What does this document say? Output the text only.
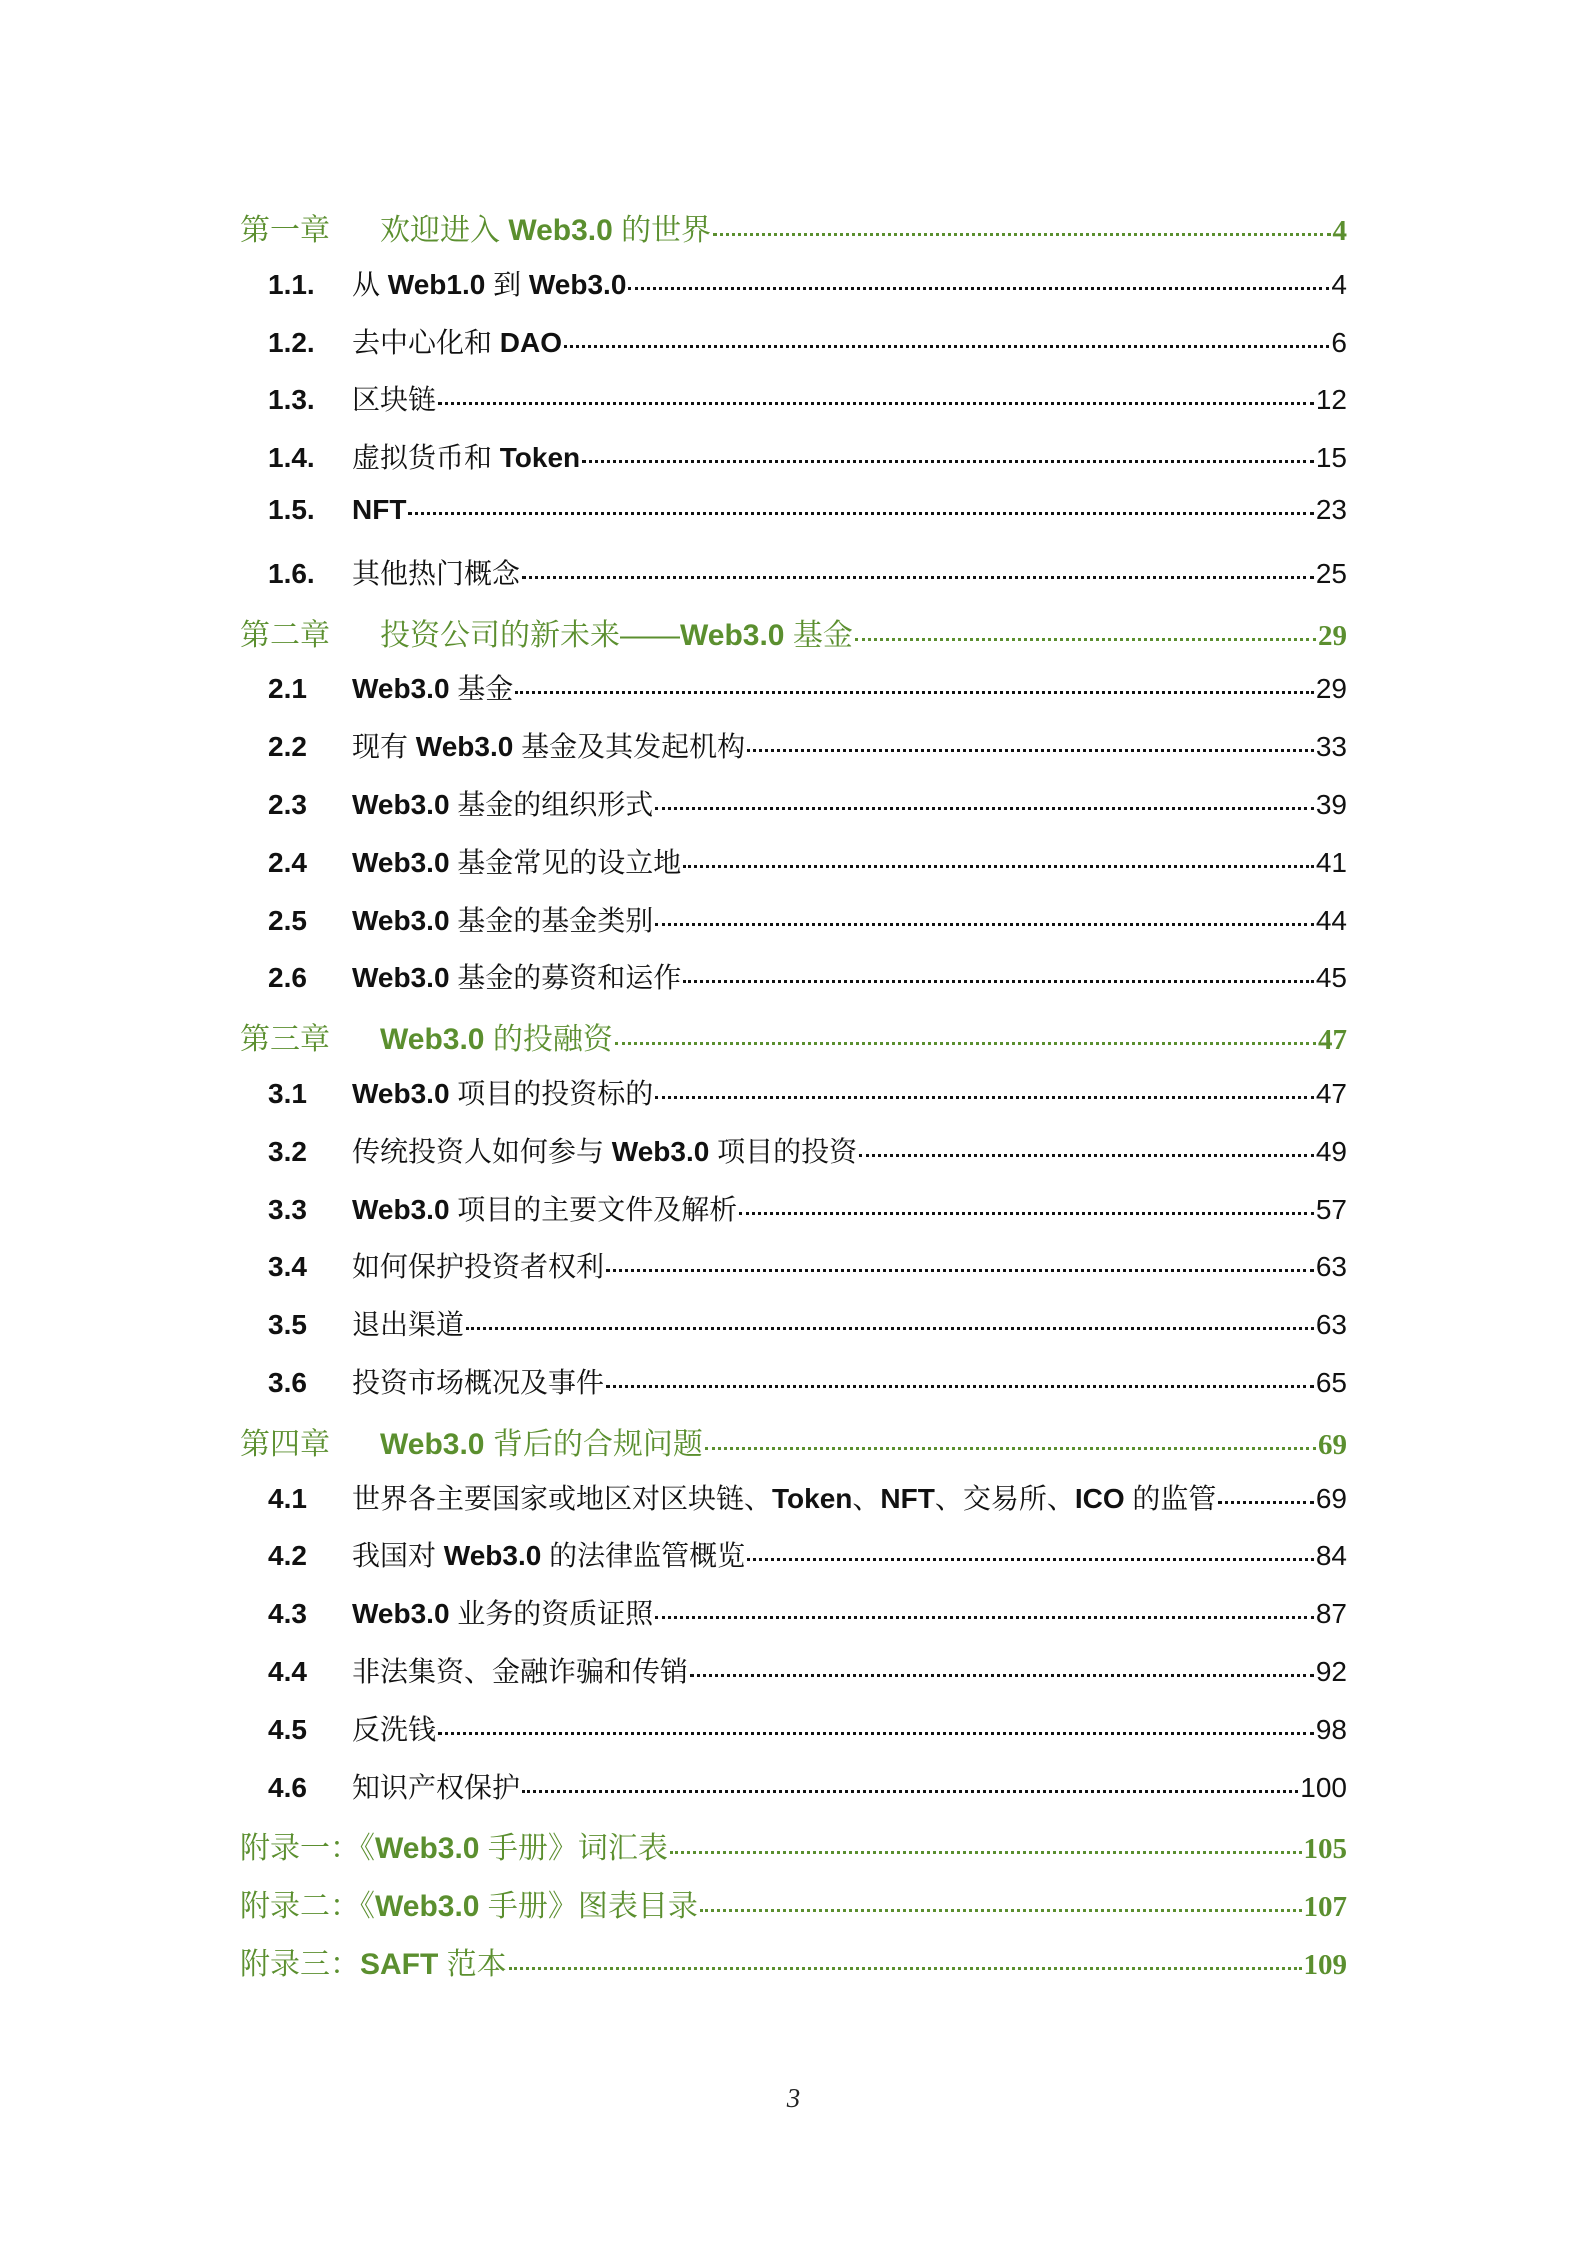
第一章	欢迎进入 Web3.0 的世界	4
1.1.	从 Web1.0 到 Web3.0	4
1.2.	去中心化和 DAO	6
1.3.	区块链	12
1.4.	虚拟货币和 Token	15
1.5.	NFT	23
1.6.	其他热门概念	25
第二章	投资公司的新未来——Web3.0 基金	29
2.1	Web3.0 基金	29
2.2	现有 Web3.0 基金及其发起机构	33
2.3	Web3.0 基金的组织形式	39
2.4	Web3.0 基金常见的设立地	41
2.5	Web3.0 基金的基金类别	44
2.6	Web3.0 基金的募资和运作	45
第三章	Web3.0 的投融资	47
3.1	Web3.0 项目的投资标的	47
3.2	传统投资人如何参与 Web3.0 项目的投资	49
3.3	Web3.0 项目的主要文件及解析	57
3.4	如何保护投资者权利	63
3.5	退出渠道	63
3.6	投资市场概况及事件	65
第四章	Web3.0 背后的合规问题	69
4.1	世界各主要国家或地区对区块链、Token、NFT、交易所、ICO 的监管	69
4.2	我国对 Web3.0 的法律监管概览	84
4.3	Web3.0 业务的资质证照	87
4.4	非法集资、金融诈骗和传销	92
4.5	反洗钱	98
4.6	知识产权保护	100
附录一：《Web3.0 手册》词汇表	105
附录二：《Web3.0 手册》图表目录	107
附录三：SAFT 范本	109
3
